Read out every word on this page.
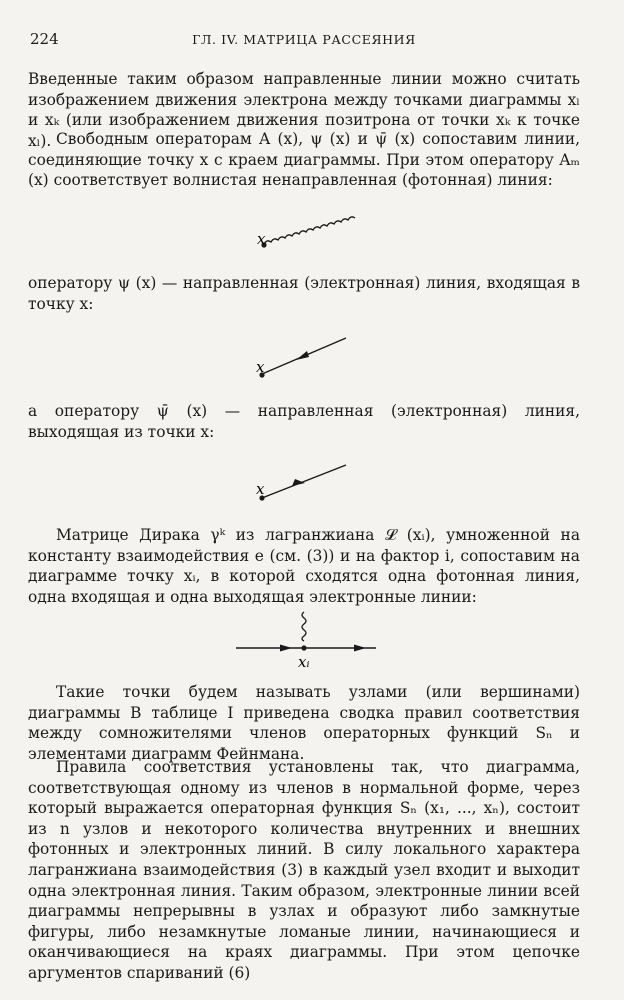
224	ГЛ. IV. МАТРИЦА РАССЕЯНИЯ

Введенные таким образом направленные линии можно считать изображением движения электрона между точками диаграммы xₗ и xₖ (или изображением движения позитрона от точки xₖ к точке xₗ). Свободным операторам A (x), ψ (x) и ψ̄ (x) сопоставим линии, соединяющие точку x с краем диаграммы. При этом оператору Aₘ (x) соответствует волнистая ненаправленная (фотонная) линия:

x

оператору ψ (x) — направленная (электронная) линия, входящая в точку x:

x

а оператору ψ̄ (x) — направленная (электронная) линия, выходящая из точки x:

x

Матрице Дирака γᵏ из лагранжиана 𝓛 (xᵢ), умноженной на константу взаимодействия e (см. (3)) и на фактор i, сопоставим на диаграмме точку xᵢ, в которой сходятся одна фотонная линия, одна входящая и одна выходящая электронные линии:

xᵢ

Такие точки будем называть узлами (или вершинами) диаграммы В таблице I приведена сводка правил соответствия между сомножителями членов операторных функций Sₙ и элементами диаграмм Фейнмана.

Правила соответствия установлены так, что диаграмма, соответствующая одному из членов в нормальной форме, через который выражается операторная функция Sₙ (x₁, ..., xₙ), состоит из n узлов и некоторого количества внутренних и внешних фотонных и электронных линий. В силу локального характера лагранжиана взаимодействия (3) в каждый узел входит и выходит одна электронная линия. Таким образом, электронные линии всей диаграммы непрерывны в узлах и образуют либо замкнутые фигуры, либо незамкнутые ломаные линии, начинающиеся и оканчивающиеся на краях диаграммы. При этом цепочке аргументов спариваний (6)
